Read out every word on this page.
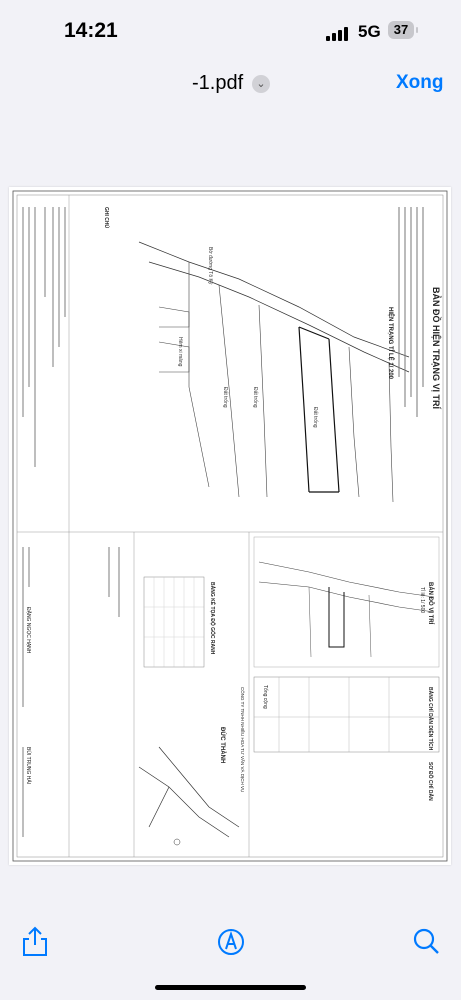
14:21	5G	37
-1.pdf	⌄	Xong
Bờ đường Tô Ký
Hẻm xi măng
Đất trống
Đất trống
Đất trống	BẢN ĐỒ HIỆN TRẠNG VỊ TRÍ
HIỆN TRẠNG TỈ LỆ 1/ 200
BẢN ĐỒ VỊ TRÍ
Tỉ lệ: 1/ 500
BẢNG CHỈ DẪN DIỆN TÍCH
Tổng cộng
SƠ ĐỒ CHỈ DẪN
BẢNG KÊ TỌA ĐỘ GÓC RANH
CÔNG TY TNHH NHIỀU HOA TƯ VẤN VÀ DỊCH VỤ
ĐỨC THÀNH
ĐẶNG NGỌC HẠNH
BÙI TRUNG HẢI
GHI CHÚ
